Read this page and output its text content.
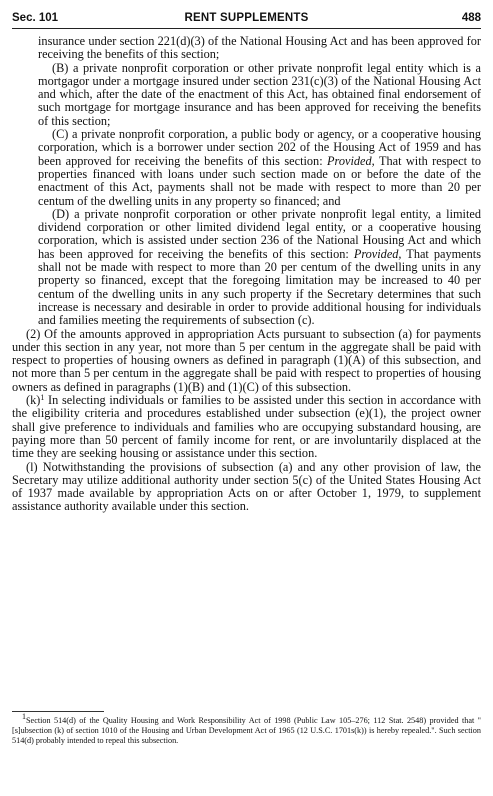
Sec. 101	RENT SUPPLEMENTS	488

insurance under section 221(d)(3) of the National Housing Act and has been approved for receiving the benefits of this section;

(B) a private nonprofit corporation or other private nonprofit legal entity which is a mortgagor under a mortgage insured under section 231(c)(3) of the National Housing Act and which, after the date of the enactment of this Act, has obtained final endorsement of such mortgage for mortgage insurance and has been approved for receiving the benefits of this section;

(C) a private nonprofit corporation, a public body or agency, or a cooperative housing corporation, which is a borrower under section 202 of the Housing Act of 1959 and has been approved for receiving the benefits of this section: Provided, That with respect to properties financed with loans under such section made on or before the date of the enactment of this Act, payments shall not be made with respect to more than 20 per centum of the dwelling units in any property so financed; and

(D) a private nonprofit corporation or other private nonprofit legal entity, a limited dividend corporation or other limited dividend legal entity, or a cooperative housing corporation, which is assisted under section 236 of the National Housing Act and which has been approved for receiving the benefits of this section: Provided, That payments shall not be made with respect to more than 20 per centum of the dwelling units in any property so financed, except that the foregoing limitation may be increased to 40 per centum of the dwelling units in any such property if the Secretary determines that such increase is necessary and desirable in order to provide additional housing for individuals and families meeting the requirements of subsection (c).

(2) Of the amounts approved in appropriation Acts pursuant to subsection (a) for payments under this section in any year, not more than 5 per centum in the aggregate shall be paid with respect to properties of housing owners as defined in paragraph (1)(A) of this subsection, and not more than 5 per centum in the aggregate shall be paid with respect to properties of housing owners as defined in paragraphs (1)(B) and (1)(C) of this subsection.

$(k)^1$ In selecting individuals or families to be assisted under this section in accordance with the eligibility criteria and procedures established under subsection (e)(1), the project owner shall give preference to individuals and families who are occupying substandard housing, are paying more than 50 percent of family income for rent, or are involuntarily displaced at the time they are seeking housing or assistance under this section.

(l) Notwithstanding the provisions of subsection (a) and any other provision of law, the Secretary may utilize additional authority under section 5(c) of the United States Housing Act of 1937 made available by appropriation Acts on or after October 1, 1979, to supplement assistance authority available under this section.

$^1$Section 514(d) of the Quality Housing and Work Responsibility Act of 1998 (Public Law 105–276; 112 Stat. 2548) provided that "[s]ubsection (k) of section 1010 of the Housing and Urban Development Act of 1965 (12 U.S.C. 1701s(k)) is hereby repealed.". Such section 514(d) probably intended to repeal this subsection.
